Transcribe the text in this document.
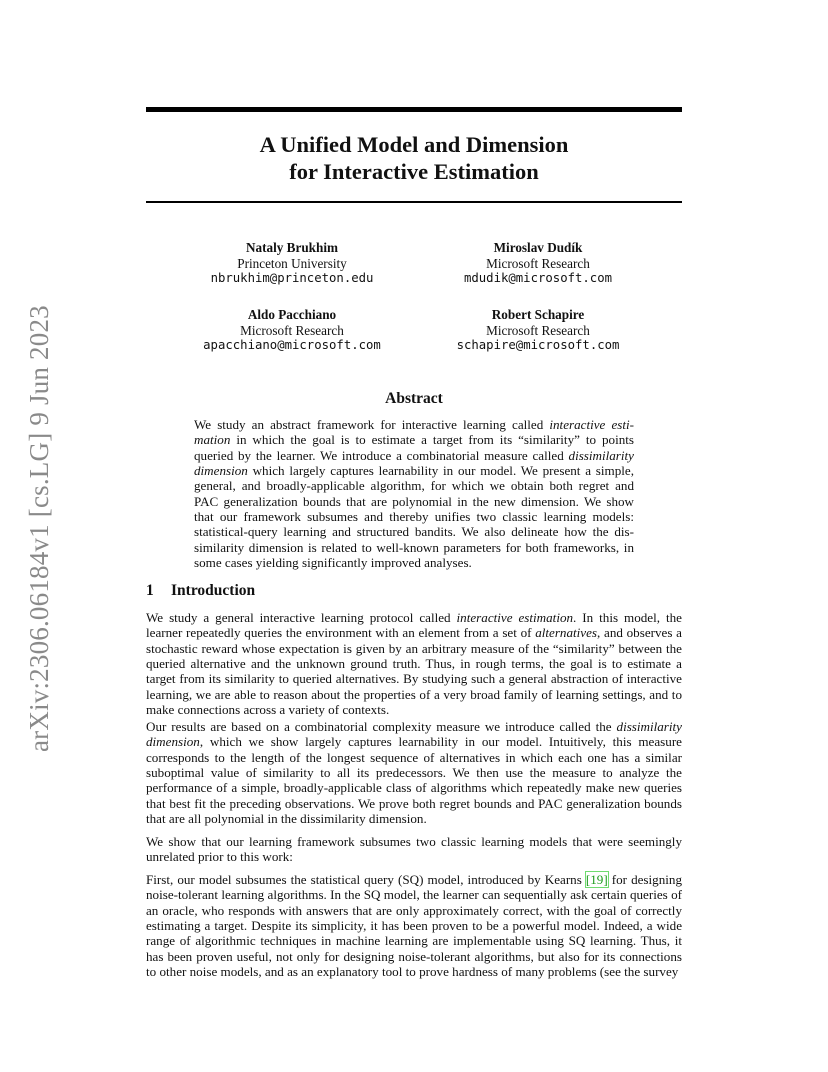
arXiv:2306.06184v1 [cs.LG] 9 Jun 2023
A Unified Model and Dimension
for Interactive Estimation
Nataly Brukhim
Princeton University
nbrukhim@princeton.edu
Miroslav Dudík
Microsoft Research
mdudik@microsoft.com
Aldo Pacchiano
Microsoft Research
apacchiano@microsoft.com
Robert Schapire
Microsoft Research
schapire@microsoft.com
Abstract

We study an abstract framework for interactive learning called interactive esti-mation in which the goal is to estimate a target from its “similarity” to points queried by the learner. We introduce a combinatorial measure called dissimilarity dimension which largely captures learnability in our model. We present a simple, general, and broadly-applicable algorithm, for which we obtain both regret and PAC generalization bounds that are polynomial in the new dimension. We show that our framework subsumes and thereby unifies two classic learning models: statistical-query learning and structured bandits. We also delineate how the dis-similarity dimension is related to well-known parameters for both frameworks, in some cases yielding significantly improved analyses.

1 Introduction

We study a general interactive learning protocol called interactive estimation. In this model, the learner repeatedly queries the environment with an element from a set of alternatives, and observes a stochastic reward whose expectation is given by an arbitrary measure of the “similarity” between the queried alternative and the unknown ground truth. Thus, in rough terms, the goal is to estimate a target from its similarity to queried alternatives. By studying such a general abstraction of interactive learning, we are able to reason about the properties of a very broad family of learning settings, and to make connections across a variety of contexts.

Our results are based on a combinatorial complexity measure we introduce called the dissimilarity dimension, which we show largely captures learnability in our model. Intuitively, this measure corresponds to the length of the longest sequence of alternatives in which each one has a similar suboptimal value of similarity to all its predecessors. We then use the measure to analyze the performance of a simple, broadly-applicable class of algorithms which repeatedly make new queries that best fit the preceding observations. We prove both regret bounds and PAC generalization bounds that are all polynomial in the dissimilarity dimension.

We show that our learning framework subsumes two classic learning models that were seemingly unrelated prior to this work:

First, our model subsumes the statistical query (SQ) model, introduced by Kearns [19] for designing noise-tolerant learning algorithms. In the SQ model, the learner can sequentially ask certain queries of an oracle, who responds with answers that are only approximately correct, with the goal of correctly estimating a target. Despite its simplicity, it has been proven to be a powerful model. Indeed, a wide range of algorithmic techniques in machine learning are implementable using SQ learning. Thus, it has been proven useful, not only for designing noise-tolerant algorithms, but also for its connections to other noise models, and as an explanatory tool to prove hardness of many problems (see the survey
